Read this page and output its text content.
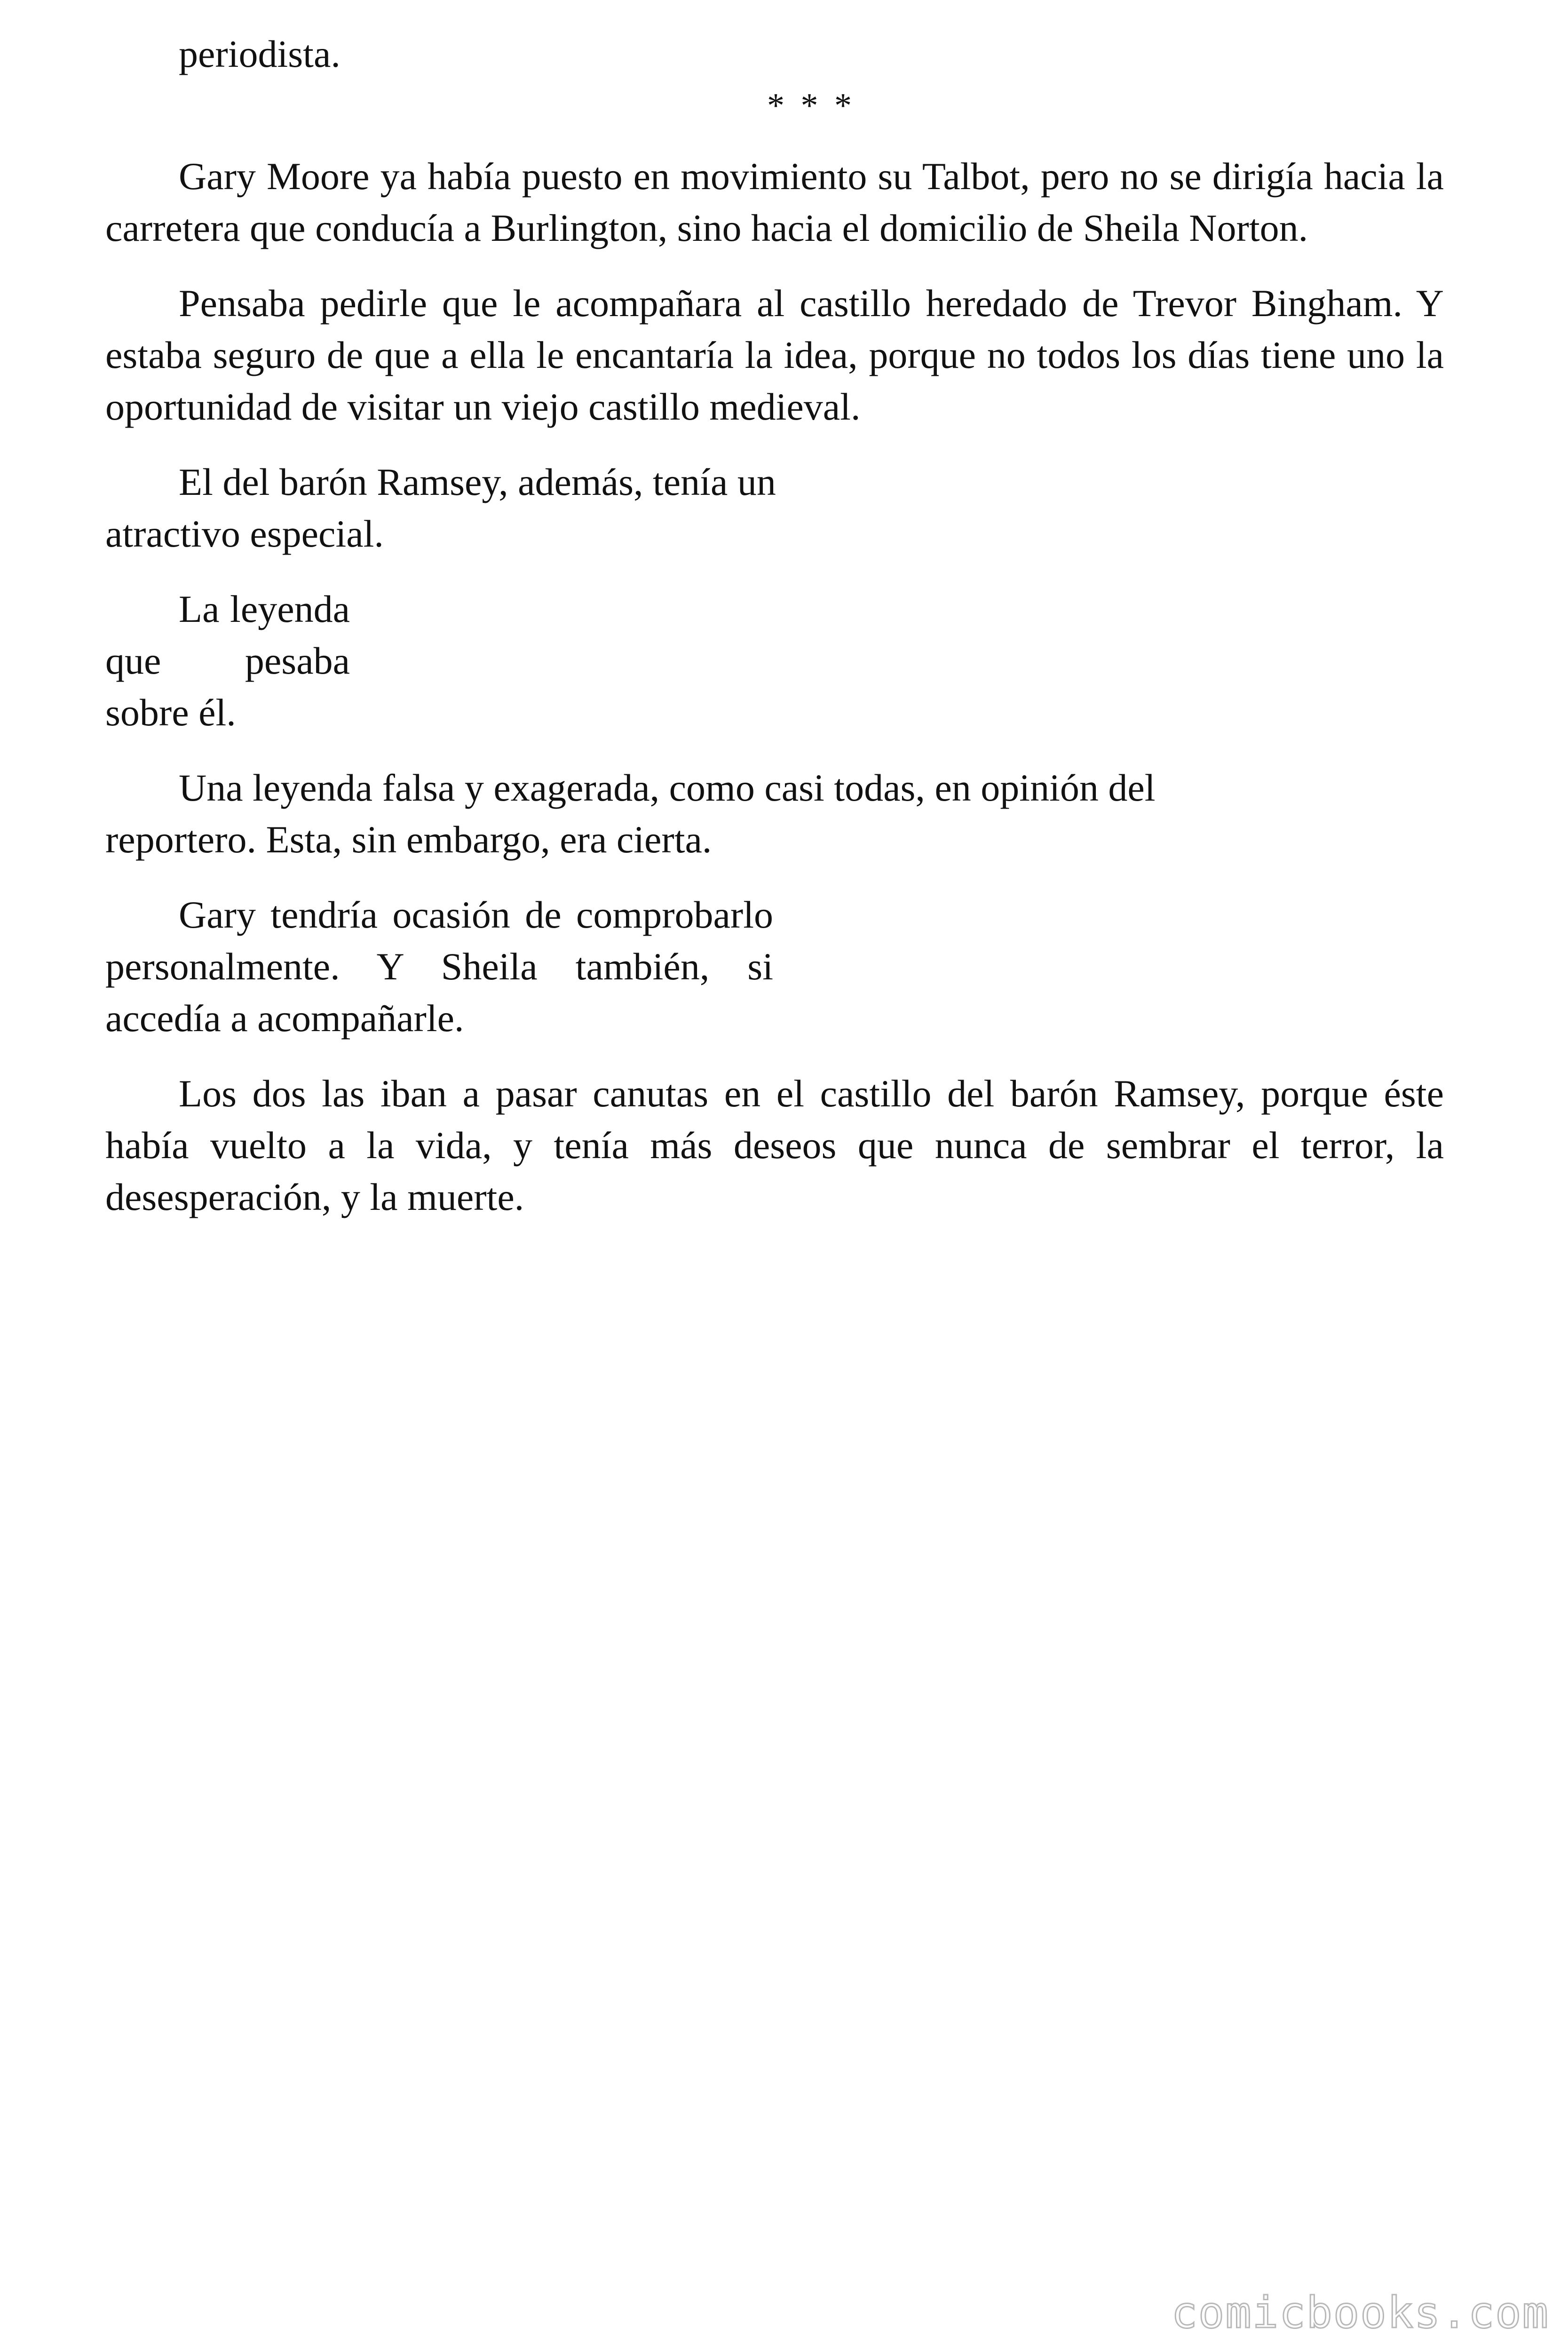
periodista.

* * *

Gary Moore ya había puesto en movimiento su Talbot, pero no se dirigía hacia la carretera que conducía a Burlington, sino hacia el domicilio de Sheila Norton.

Pensaba pedirle que le acompañara al castillo heredado de Trevor Bingham. Y estaba seguro de que a ella le encantaría la idea, porque no todos los días tiene uno la oportunidad de visitar un viejo castillo medieval.

El del barón Ramsey, además, tenía un atractivo especial.

La leyenda que pesaba sobre él.

Una leyenda falsa y exagerada, como casi todas, en opinión del reportero. Esta, sin embargo, era cierta.

Gary tendría ocasión de comprobarlo personalmente. Y Sheila también, si accedía a acompañarle.

Los dos las iban a pasar canutas en el castillo del barón Ramsey, porque éste había vuelto a la vida, y tenía más deseos que nunca de sembrar el terror, la desesperación, y la muerte.

comicbooks.com
